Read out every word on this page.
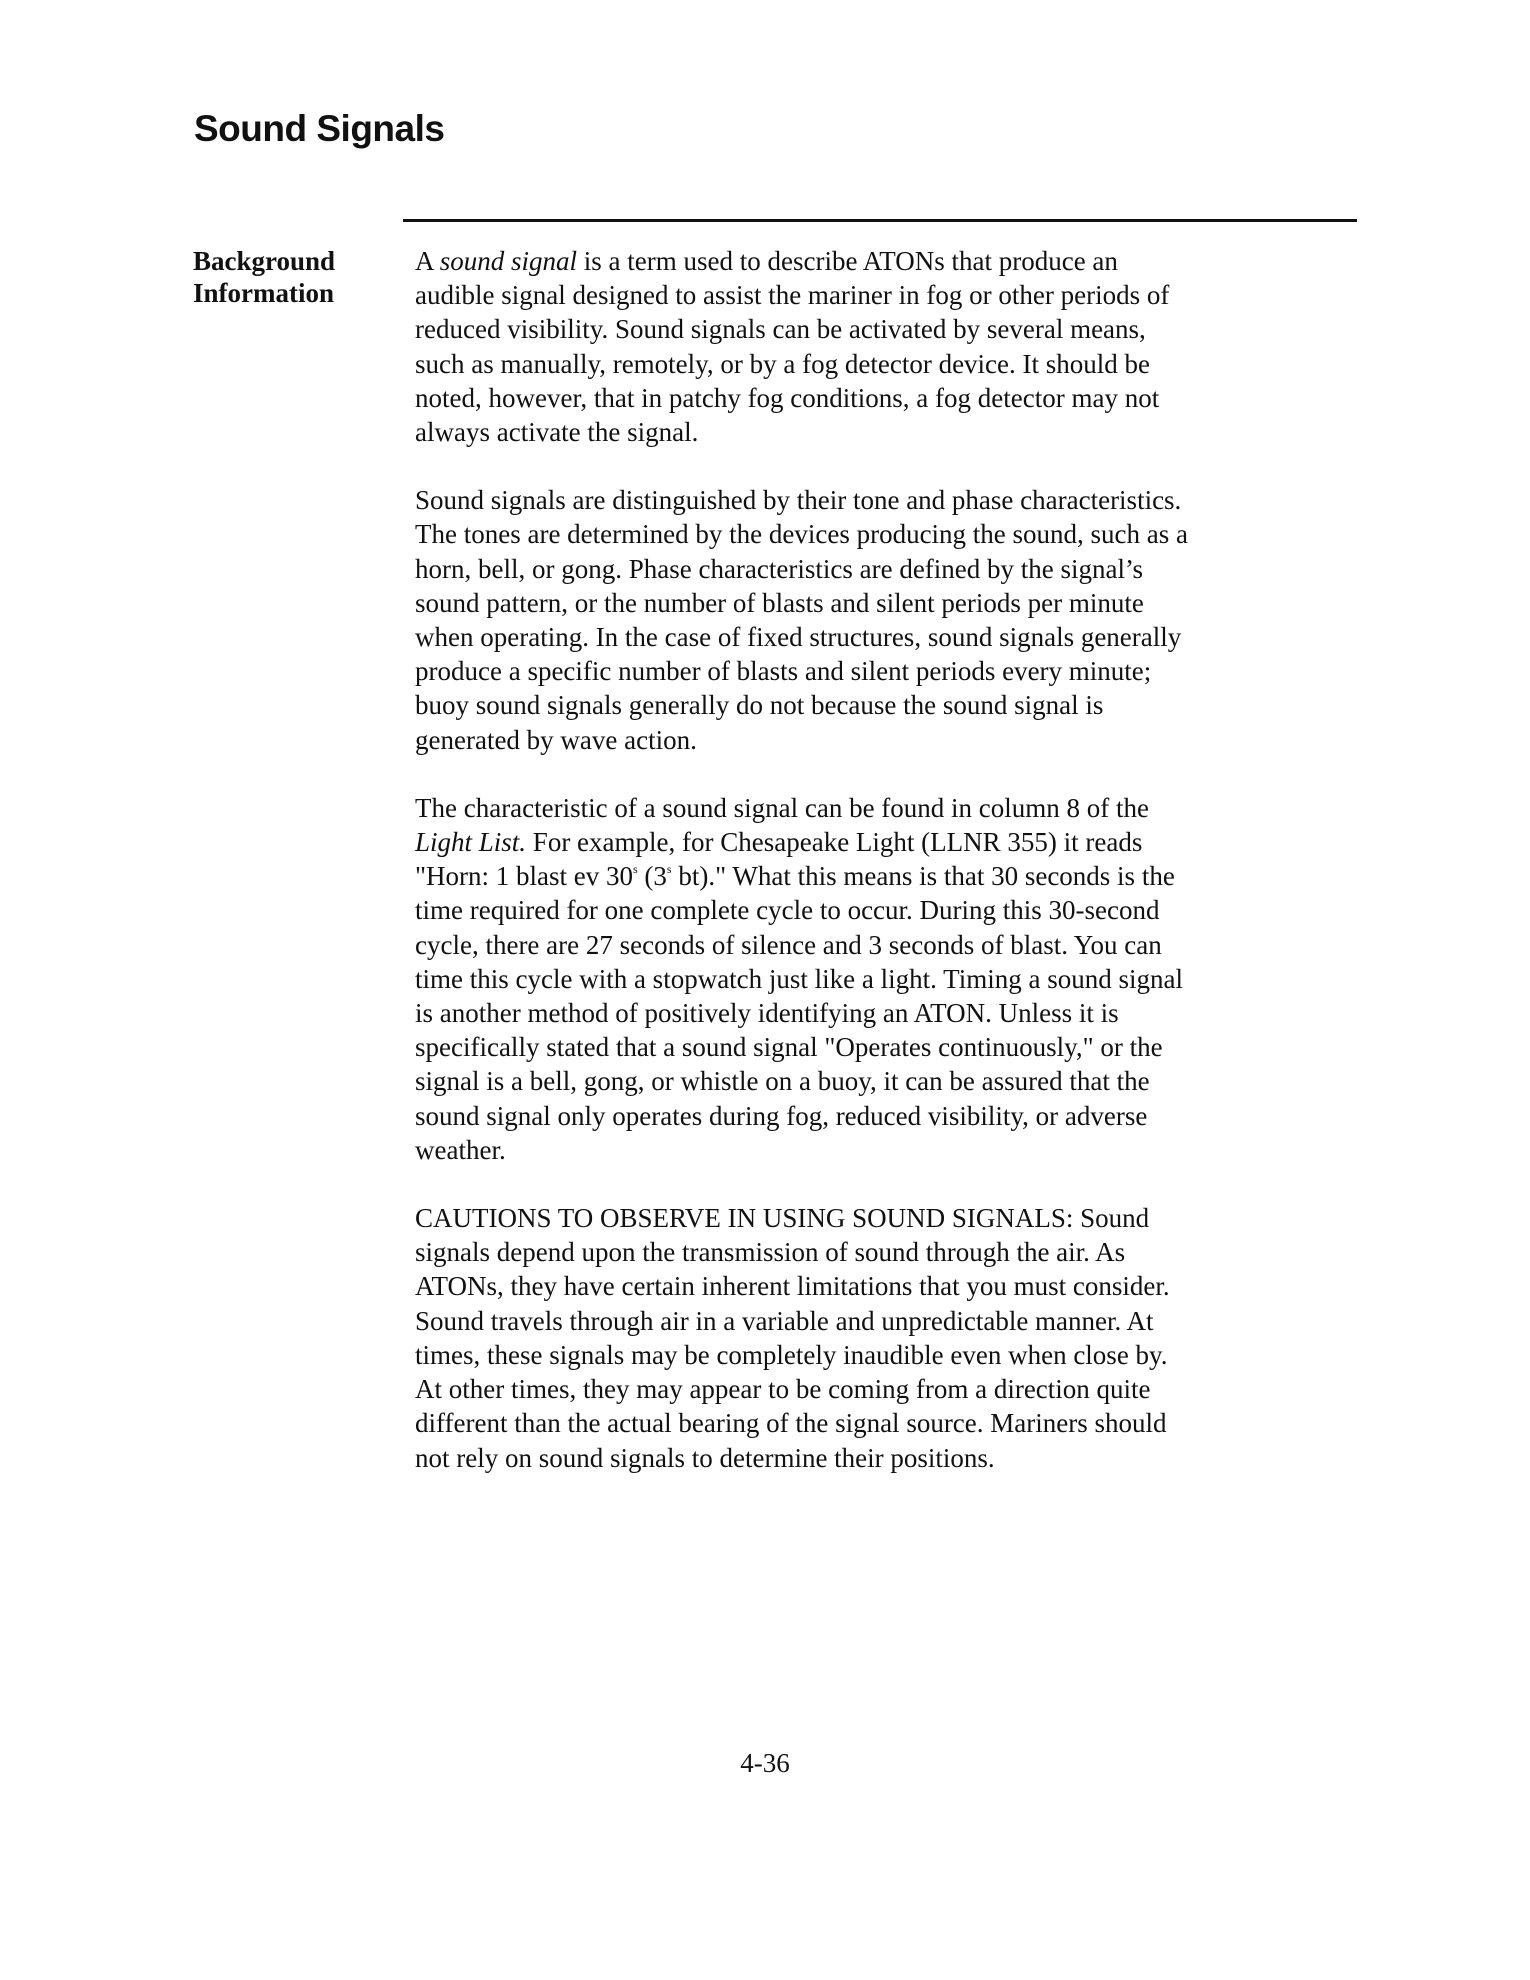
Sound Signals
Background
Information

A sound signal is a term used to describe ATONs that produce an
audible signal designed to assist the mariner in fog or other periods of
reduced visibility. Sound signals can be activated by several means,
such as manually, remotely, or by a fog detector device. It should be
noted, however, that in patchy fog conditions, a fog detector may not
always activate the signal.

Sound signals are distinguished by their tone and phase characteristics.
The tones are determined by the devices producing the sound, such as a
horn, bell, or gong. Phase characteristics are defined by the signal’s
sound pattern, or the number of blasts and silent periods per minute
when operating. In the case of fixed structures, sound signals generally
produce a specific number of blasts and silent periods every minute;
buoy sound signals generally do not because the sound signal is
generated by wave action.

The characteristic of a sound signal can be found in column 8 of the
Light List. For example, for Chesapeake Light (LLNR 355) it reads
"Horn: 1 blast ev 30$^s$ (3$^s$ bt)." What this means is that 30 seconds is the
time required for one complete cycle to occur. During this 30-second
cycle, there are 27 seconds of silence and 3 seconds of blast. You can
time this cycle with a stopwatch just like a light. Timing a sound signal
is another method of positively identifying an ATON. Unless it is
specifically stated that a sound signal "Operates continuously," or the
signal is a bell, gong, or whistle on a buoy, it can be assured that the
sound signal only operates during fog, reduced visibility, or adverse
weather.

CAUTIONS TO OBSERVE IN USING SOUND SIGNALS: Sound
signals depend upon the transmission of sound through the air. As
ATONs, they have certain inherent limitations that you must consider.
Sound travels through air in a variable and unpredictable manner. At
times, these signals may be completely inaudible even when close by.
At other times, they may appear to be coming from a direction quite
different than the actual bearing of the signal source. Mariners should
not rely on sound signals to determine their positions.

4-36
